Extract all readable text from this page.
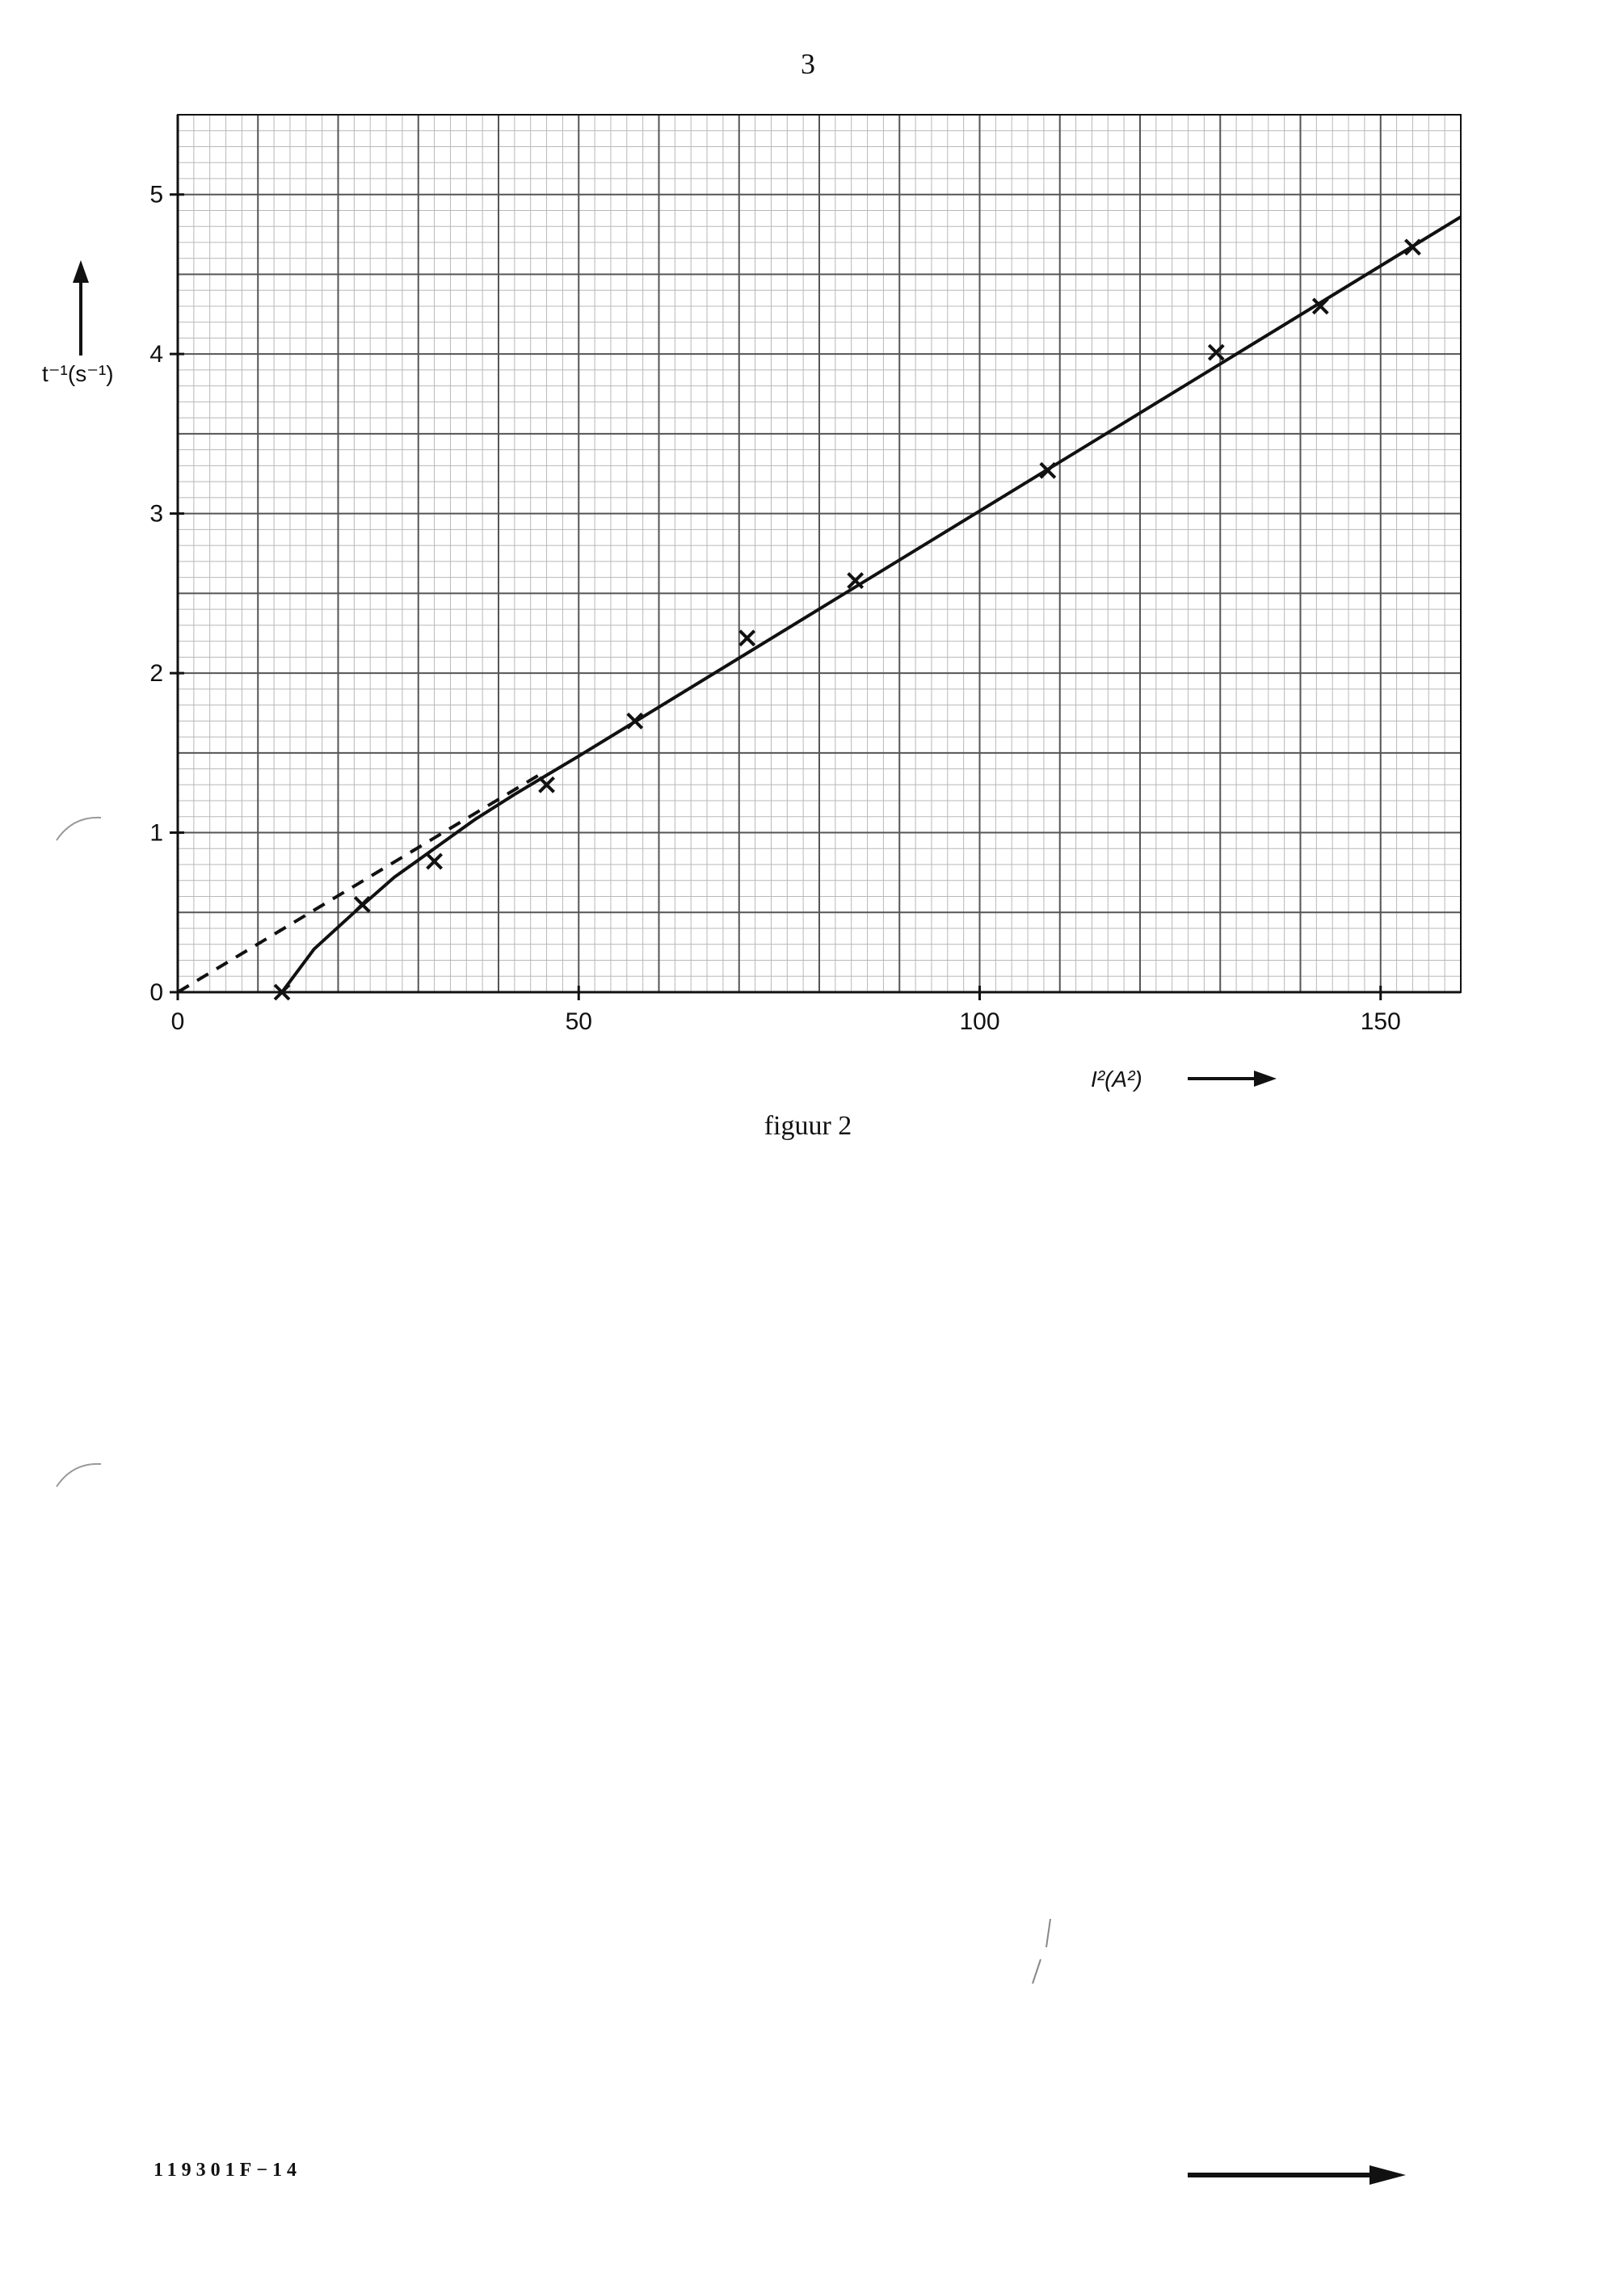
3
0	50	100	150
0
1
2
3
4
5
t⁻¹(s⁻¹)
I²(A²)
figuur 2
119301F−14
